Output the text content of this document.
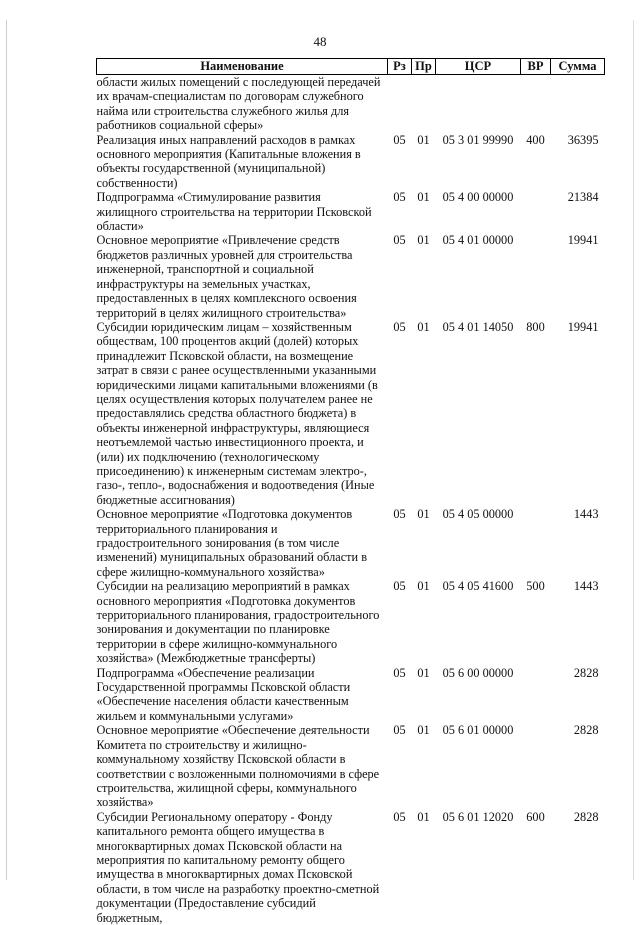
48
Наименование	Рз	Пр	ЦСР	ВР	Сумма
области жилых помещений с последующей передачей их врачам-специалистам по договорам служебного найма или строительства служебного жилья для работников социальной сферы»					
Реализация иных направлений расходов в рамках основного мероприятия (Капитальные вложения в объекты государственной (муниципальной) собственности)	05	01	05 3 01 99990	400	36395
Подпрограмма «Стимулирование развития жилищного строительства на территории Псковской области»	05	01	05 4 00 00000		21384
Основное мероприятие «Привлечение средств бюджетов различных уровней для строительства инженерной, транспортной и социальной инфраструктуры на земельных участках, предоставленных в целях комплексного освоения территорий в целях жилищного строительства»	05	01	05 4 01 00000		19941
Субсидии юридическим лицам – хозяйственным обществам, 100 процентов акций (долей) которых принадлежит Псковской области, на возмещение затрат в связи с ранее осуществленными указанными юридическими лицами капитальными вложениями (в целях осуществления которых получателем ранее не предоставлялись средства областного бюджета) в объекты инженерной инфраструктуры, являющиеся неотъемлемой частью инвестиционного проекта, и (или) их подключению (технологическому присоединению) к инженерным системам электро-, газо-, тепло-, водоснабжения и водоотведения (Иные бюджетные ассигнования)	05	01	05 4 01 14050	800	19941
Основное мероприятие «Подготовка документов территориального планирования и градостроительного зонирования (в том числе изменений) муниципальных образований области в сфере жилищно-коммунального хозяйства»	05	01	05 4 05 00000		1443
Субсидии на реализацию мероприятий в рамках основного мероприятия «Подготовка документов территориального планирования, градостроительного зонирования и документации по планировке территории в сфере жилищно-коммунального хозяйства» (Межбюджетные трансферты)	05	01	05 4 05 41600	500	1443
Подпрограмма «Обеспечение реализации Государственной программы Псковской области «Обеспечение населения области качественным жильем и коммунальными услугами»	05	01	05 6 00 00000		2828
Основное мероприятие «Обеспечение деятельности Комитета по строительству и жилищно-коммунальному хозяйству Псковской области в соответствии с возложенными полномочиями в сфере строительства, жилищной сферы, коммунального хозяйства»	05	01	05 6 01 00000		2828
Субсидии Региональному оператору - Фонду капитального ремонта общего имущества в многоквартирных домах Псковской области на мероприятия по капитальному ремонту общего имущества в многоквартирных домах Псковской области, в том числе на разработку проектно-сметной документации (Предоставление субсидий бюджетным,	05	01	05 6 01 12020	600	2828
